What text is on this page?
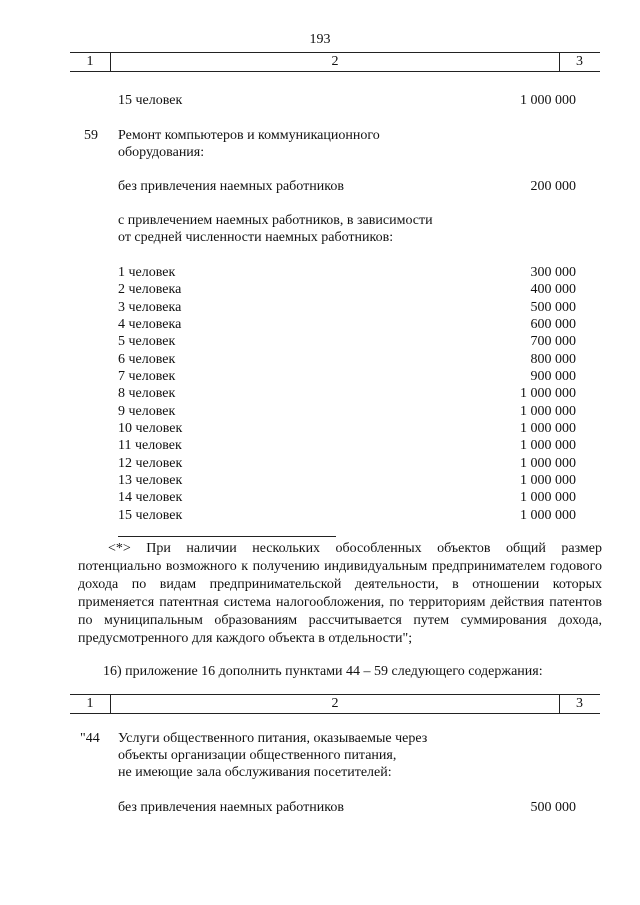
193
1	2	3
15 человек	1 000 000
59 Ремонт компьютеров и коммуникационного
оборудования:
без привлечения наемных работников	200 000
с привлечением наемных работников, в зависимости
от средней численности наемных работников:
1 человек	300 000
2 человека	400 000
3 человека	500 000
4 человека	600 000
5 человек	700 000
6 человек	800 000
7 человек	900 000
8 человек	1 000 000
9 человек	1 000 000
10 человек	1 000 000
11 человек	1 000 000
12 человек	1 000 000
13 человек	1 000 000
14 человек	1 000 000
15 человек	1 000 000

<*> При наличии нескольких обособленных объектов общий размер потенциально возможного к получению индивидуальным предпринимателем годового дохода по видам предпринимательской деятельности, в отношении которых применяется патентная система налогообложения, по территориям действия патентов по муниципальным образованиям рассчитывается путем суммирования дохода, предусмотренного для каждого объекта в отдельности";

16) приложение 16 дополнить пунктами 44 – 59 следующего содержания:
1	2	3
"44 Услуги общественного питания, оказываемые через
объекты организации общественного питания,
не имеющие зала обслуживания посетителей:
без привлечения наемных работников	500 000
